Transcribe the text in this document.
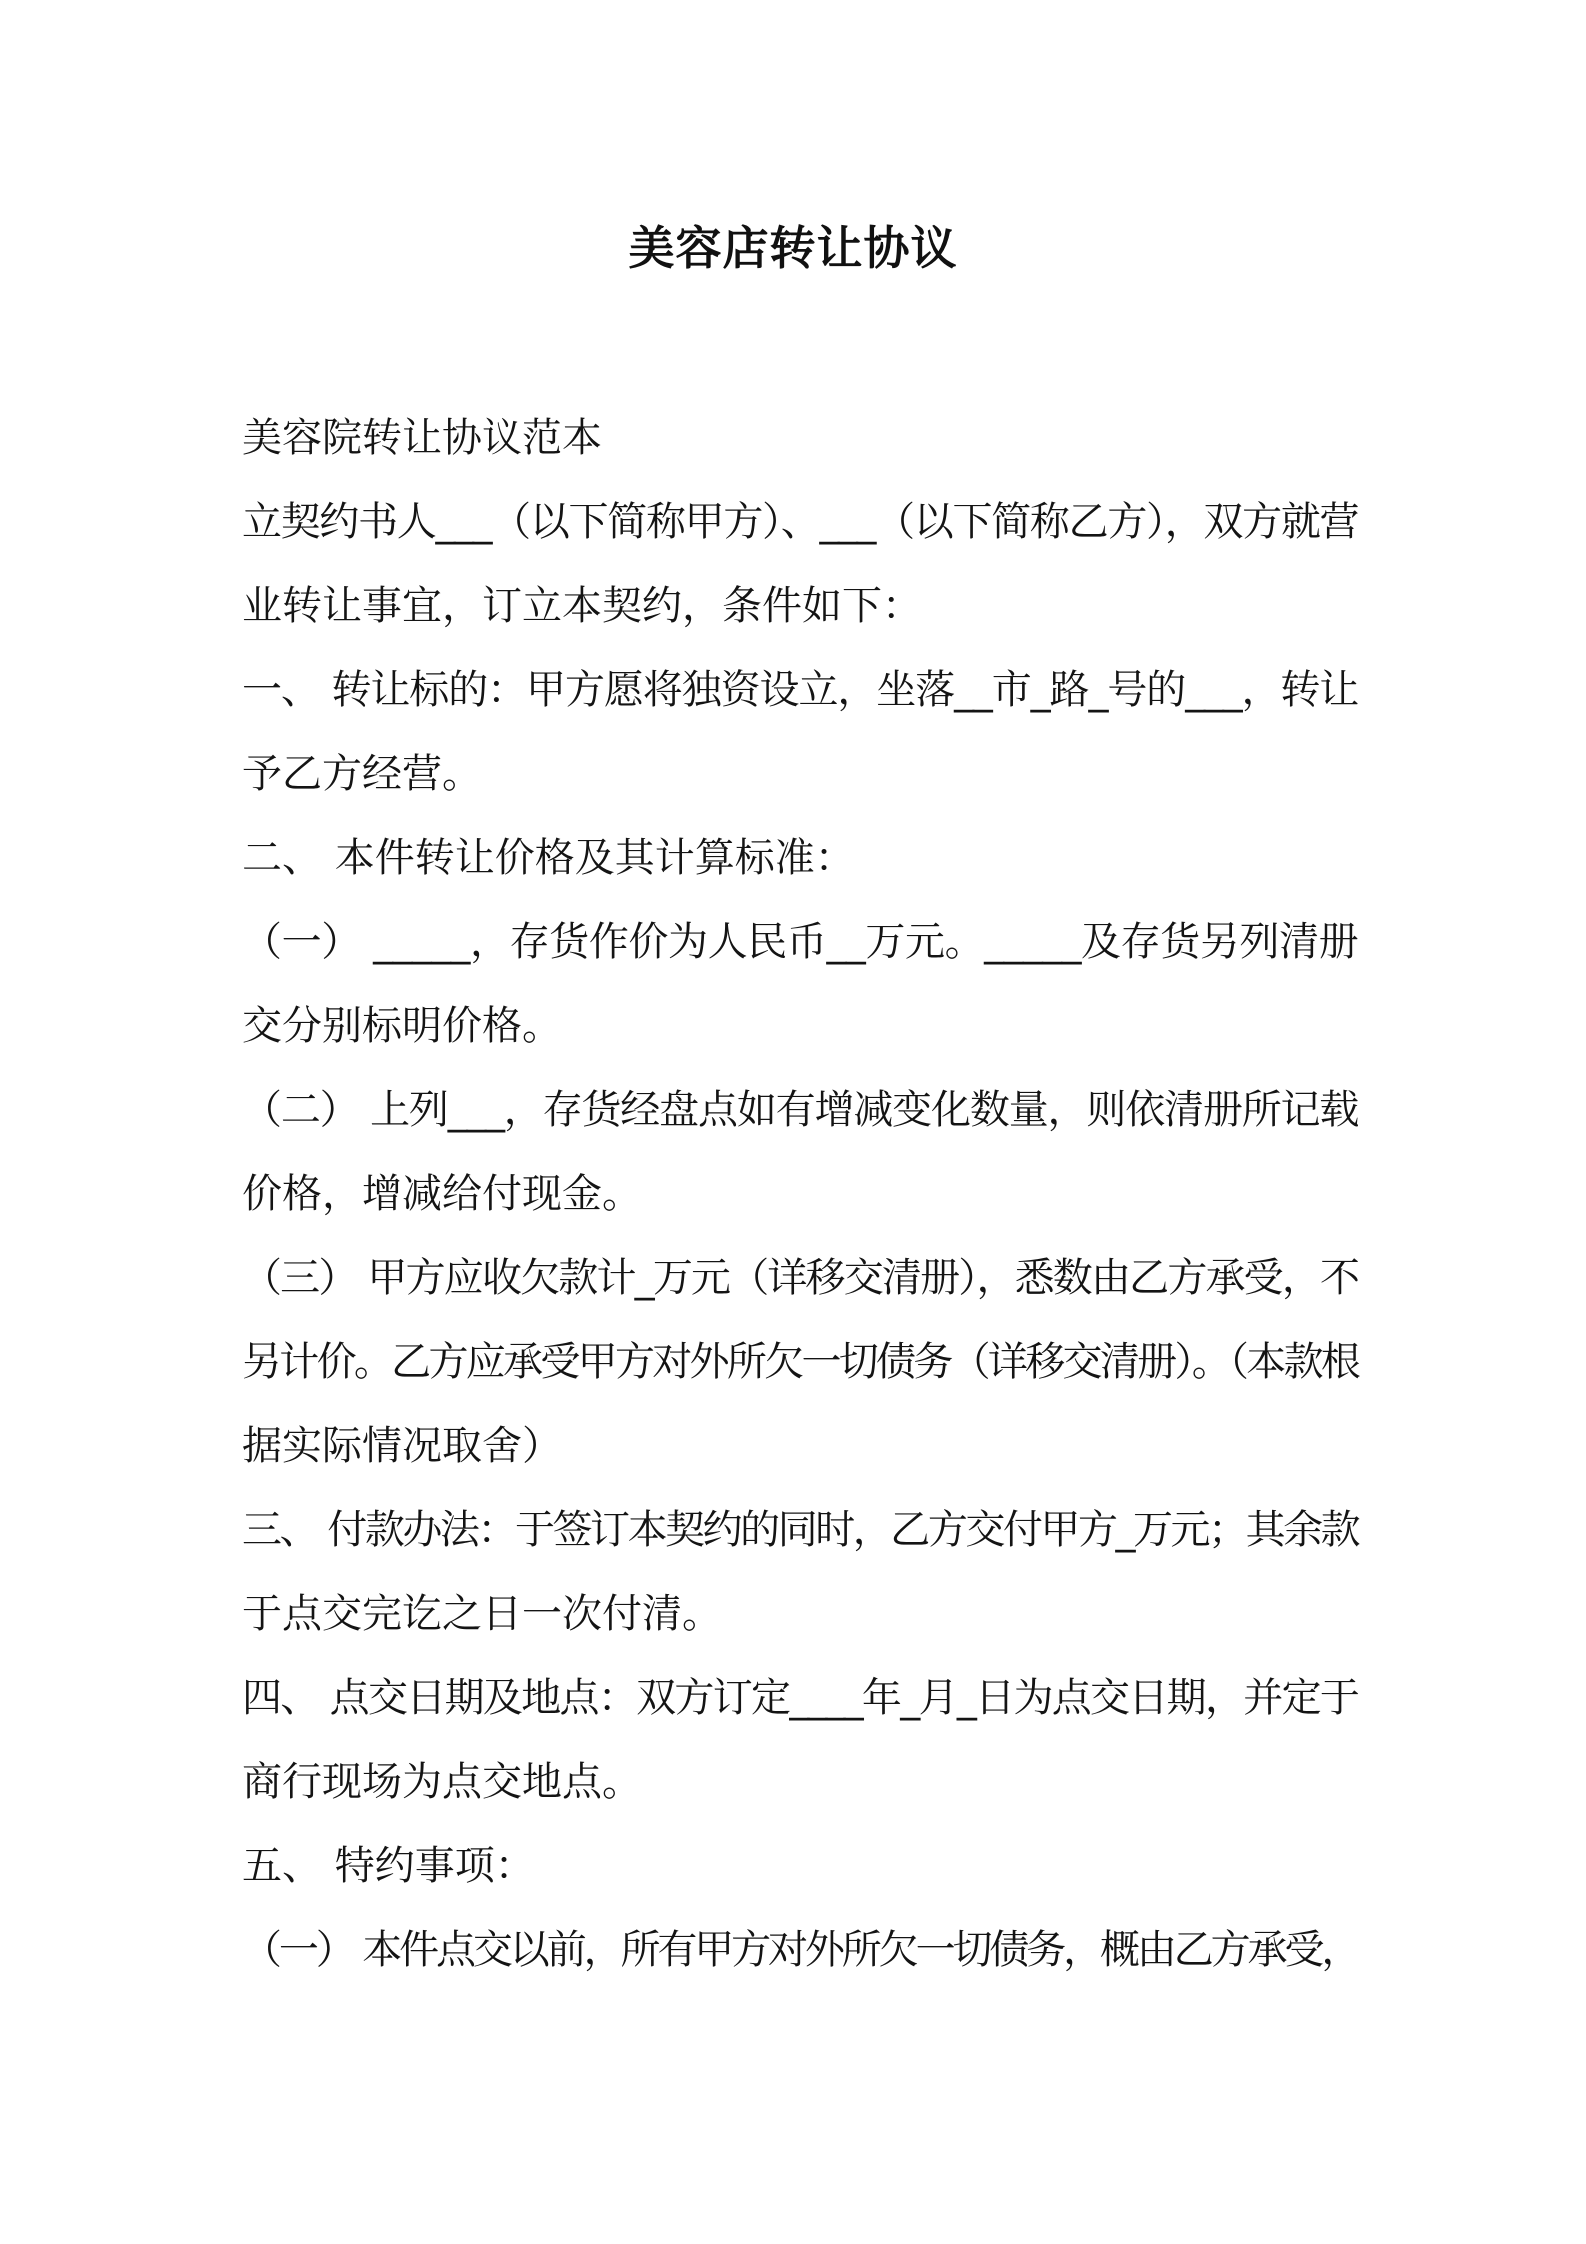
美容店转让协议
美容院转让协议范本
立契约书人___（以下简称甲方）、___（以下简称乙方），双方就营
业转让事宜，订立本契约，条件如下：
一、 转让标的：甲方愿将独资设立，坐落__市_路_号的___，转让
予乙方经营。
二、 本件转让价格及其计算标准：
（一） _____，存货作价为人民币__万元。_____及存货另列清册
交分别标明价格。
（二） 上列___，存货经盘点如有增减变化数量，则依清册所记载
价格，增减给付现金。
（三） 甲方应收欠款计_万元（详移交清册），悉数由乙方承受，不
另计价。乙方应承受甲方对外所欠一切债务（详移交清册）。（本款根
据实际情况取舍）
三、 付款办法：于签订本契约的同时，乙方交付甲方_万元；其余款
于点交完讫之日一次付清。
四、 点交日期及地点：双方订定____年_月_日为点交日期，并定于
商行现场为点交地点。
五、 特约事项：
（一） 本件点交以前，所有甲方对外所欠一切债务，概由乙方承受，
